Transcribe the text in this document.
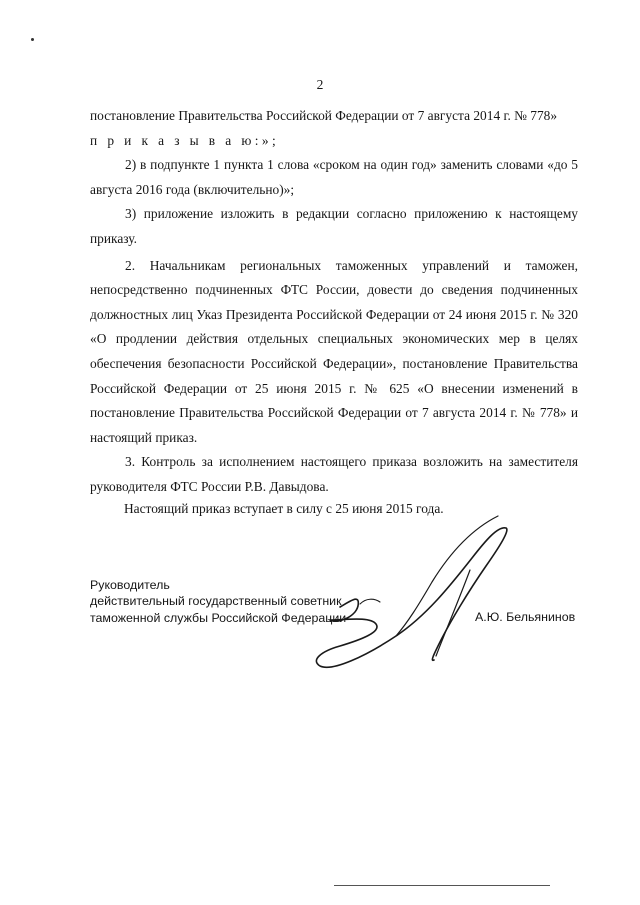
2

постановление Правительства Российской Федерации от 7 августа 2014 г. № 778»

п р и к а з ы в а ю:»;

2) в подпункте 1 пункта 1 слова «сроком на один год» заменить словами «до 5 августа 2016 года (включительно)»;

3) приложение изложить в редакции согласно приложению к настоящему приказу.

2. Начальникам региональных таможенных управлений и таможен, непосредственно подчиненных ФТС России, довести до сведения подчиненных должностных лиц Указ Президента Российской Федерации от 24 июня 2015 г. № 320 «О продлении действия отдельных специальных экономических мер в целях обеспечения безопасности Российской Федерации», постановление Правительства Российской Федерации от 25 июня 2015 г. № 625 «О внесении изменений в постановление Правительства Российской Федерации от 7 августа 2014 г. № 778» и настоящий приказ.

3. Контроль за исполнением настоящего приказа возложить на заместителя руководителя ФТС России Р.В. Давыдова.

Настоящий приказ вступает в силу с 25 июня 2015 года.
Руководитель
действительный государственный советник
таможенной службы Российской Федерации	А.Ю. Бельянинов
